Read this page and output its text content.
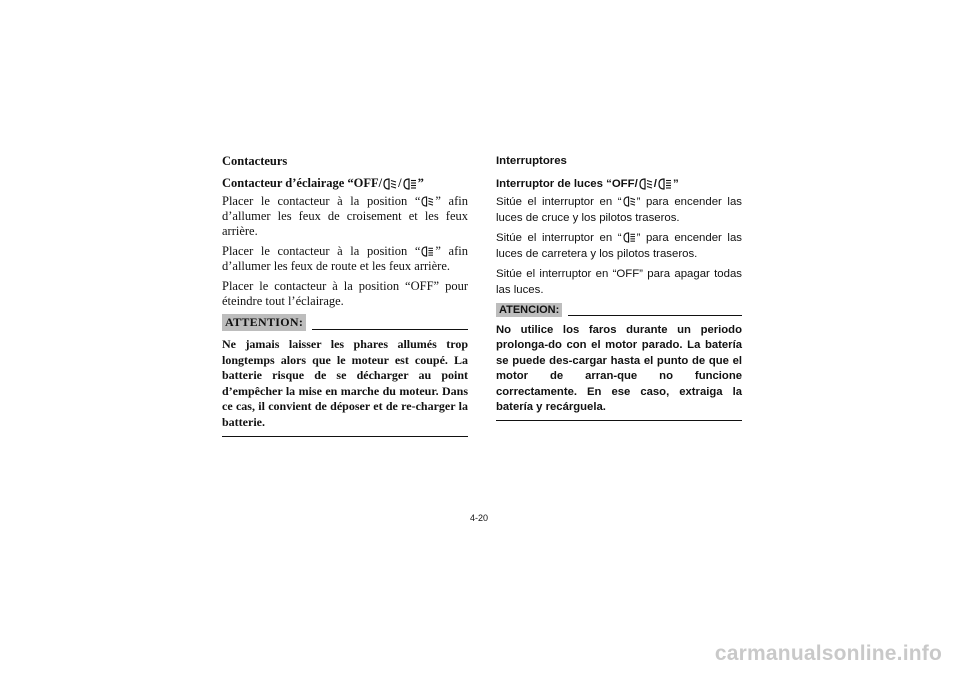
Contacteurs
Contacteur d’éclairage “OFF/ / ”
Placer le contacteur à la position “ ” afin d’allumer les feux de croisement et les feux arrière.
Placer le contacteur à la position “ ” afin d’allumer les feux de route et les feux arrière.
Placer le contacteur à la position “OFF” pour éteindre tout l’éclairage.
ATTENTION:
Ne jamais laisser les phares allumés trop longtemps alors que le moteur est coupé. La batterie risque de se décharger au point d’empêcher la mise en marche du moteur. Dans ce cas, il convient de déposer et de re-charger la batterie.
Interruptores
Interruptor de luces “OFF/ / ”
Sitúe el interruptor en “ ” para encender las luces de cruce y los pilotos traseros.
Sitúe el interruptor en “ ” para encender las luces de carretera y los pilotos traseros.
Sitúe el interruptor en “OFF” para apagar todas las luces.
ATENCION:
No utilice los faros durante un periodo prolonga-do con el motor parado. La batería se puede des-cargar hasta el punto de que el motor de arran-que no funcione correctamente. En ese caso, extraiga la batería y recárguela.
4-20
carmanualsonline.info
